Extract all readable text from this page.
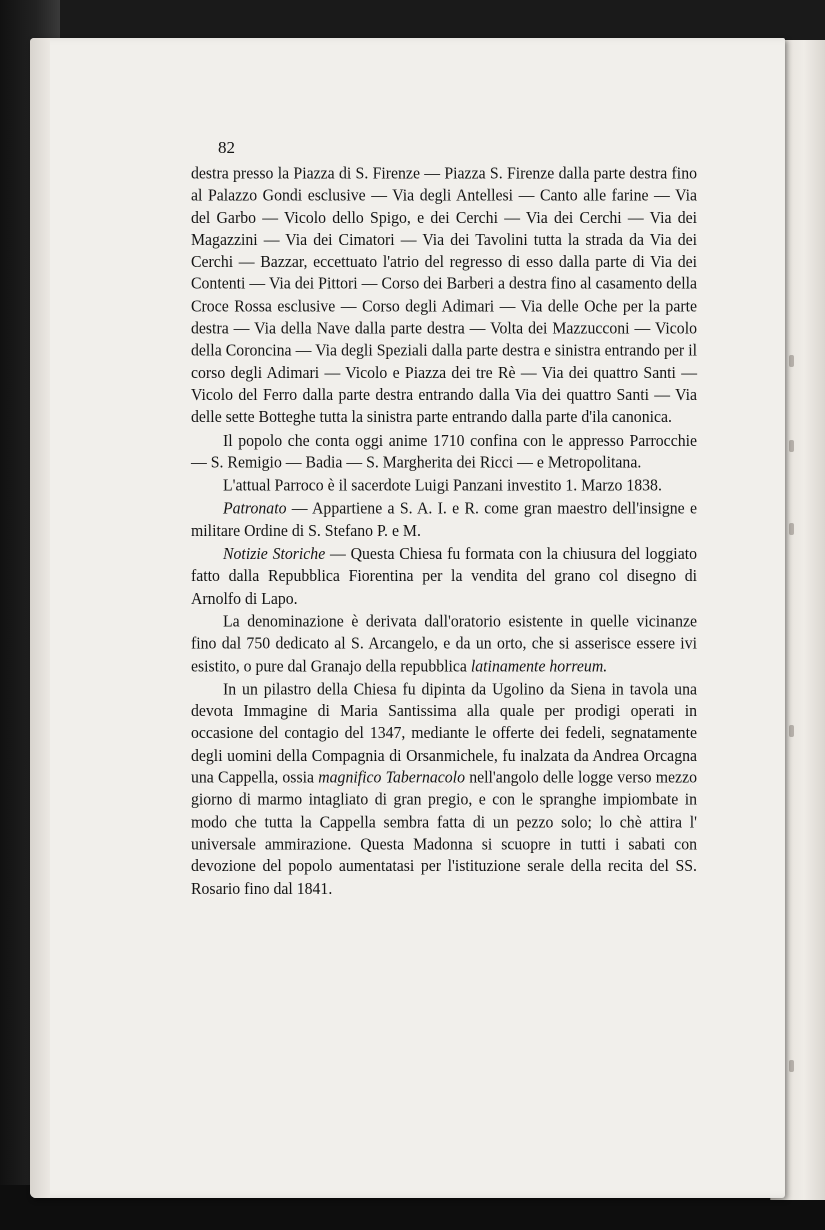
82

destra presso la Piazza di S. Firenze — Piazza S. Firenze dalla parte destra fino al Palazzo Gondi esclusive — Via degli Antellesi — Canto alle farine — Via del Garbo — Vicolo dello Spigo, e dei Cerchi — Via dei Cerchi — Via dei Magazzini — Via dei Cimatori — Via dei Tavolini tutta la strada da Via dei Cerchi — Bazzar, eccettuato l'atrio del regresso di esso dalla parte di Via dei Contenti — Via dei Pittori — Corso dei Barberi a destra fino al casamento della Croce Rossa esclusive — Corso degli Adimari — Via delle Oche per la parte destra — Via della Nave dalla parte destra — Volta dei Mazzucconi — Vicolo della Coroncina — Via degli Speziali dalla parte destra e sinistra entrando per il corso degli Adimari — Vicolo e Piazza dei tre Rè — Via dei quattro Santi — Vicolo del Ferro dalla parte destra entrando dalla Via dei quattro Santi — Via delle sette Botteghe tutta la sinistra parte entrando dalla parte d'ila canonica.

Il popolo che conta oggi anime 1710 confina con le appresso Parrocchie — S. Remigio — Badia — S. Margherita dei Ricci — e Metropolitana.

L'attual Parroco è il sacerdote Luigi Panzani investito 1. Marzo 1838.

Patronato — Appartiene a S. A. I. e R. come gran maestro dell'insigne e militare Ordine di S. Stefano P. e M.

Notizie Storiche — Questa Chiesa fu formata con la chiusura del loggiato fatto dalla Repubblica Fiorentina per la vendita del grano col disegno di Arnolfo di Lapo.

La denominazione è derivata dall'oratorio esistente in quelle vicinanze fino dal 750 dedicato al S. Arcangelo, e da un orto, che si asserisce essere ivi esistito, o pure dal Granajo della repubblica latinamente horreum.

In un pilastro della Chiesa fu dipinta da Ugolino da Siena in tavola una devota Immagine di Maria Santissima alla quale per prodigi operati in occasione del contagio del 1347, mediante le offerte dei fedeli, segnatamente degli uomini della Compagnia di Orsanmichele, fu inalzata da Andrea Orcagna una Cappella, ossia magnifico Tabernacolo nell'angolo delle logge verso mezzo giorno di marmo intagliato di gran pregio, e con le spranghe impiombate in modo che tutta la Cappella sembra fatta di un pezzo solo; lo chè attira l' universale ammirazione. Questa Madonna si scuopre in tutti i sabati con devozione del popolo aumentatasi per l'istituzione serale della recita del SS. Rosario fino dal 1841.
